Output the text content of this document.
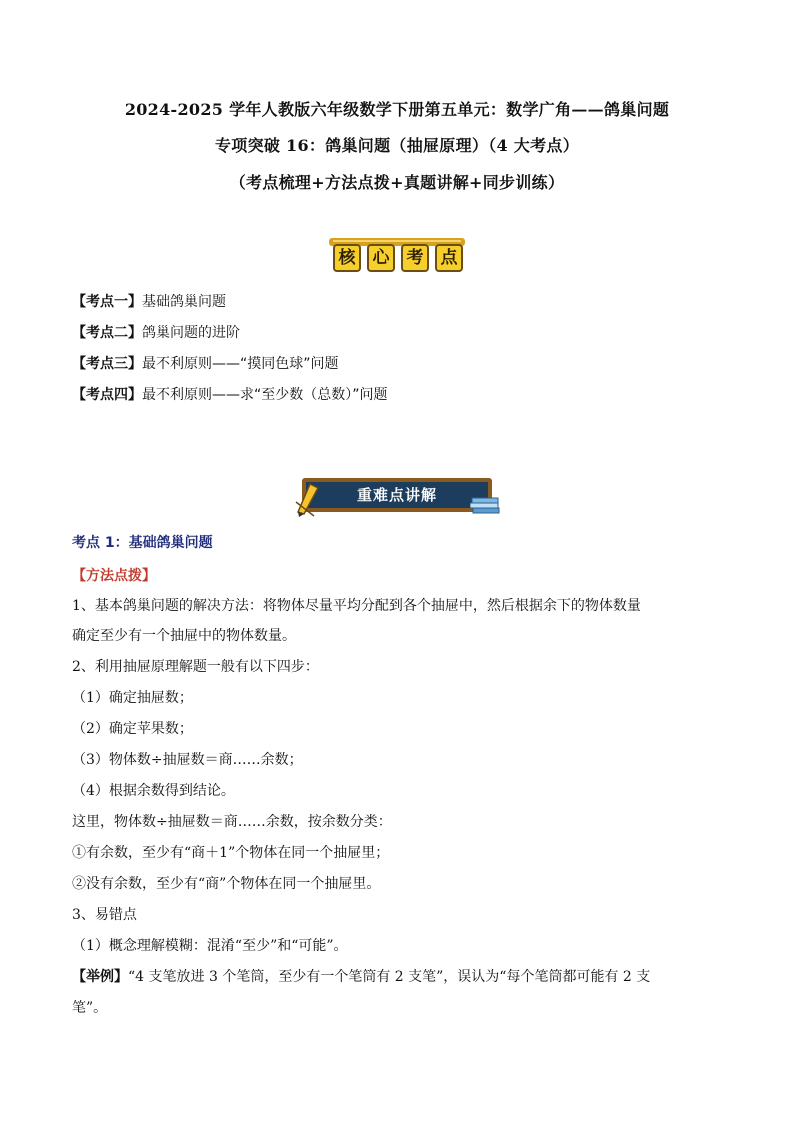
2024-2025 学年人教版六年级数学下册第五单元：数学广角——鸽巢问题
专项突破 16：鸽巢问题（抽屉原理）（4 大考点）
（考点梳理+方法点拨+真题讲解+同步训练）
核	心	考	点
【考点一】基础鸽巢问题
【考点二】鸽巢问题的进阶
【考点三】最不利原则——“摸同色球”问题
【考点四】最不利原则——求“至少数（总数）”问题
重难点讲解
考点 1：基础鸽巢问题
【方法点拨】
1、基本鸽巢问题的解决方法：将物体尽量平均分配到各个抽屉中，然后根据余下的物体数量
确定至少有一个抽屉中的物体数量。
2、利用抽屉原理解题一般有以下四步：
（1）确定抽屉数；
（2）确定苹果数；
（3）物体数÷抽屉数＝商……余数；
（4）根据余数得到结论。
这里，物体数÷抽屉数＝商……余数，按余数分类：
①有余数，至少有“商＋1”个物体在同一个抽屉里；
②没有余数，至少有“商”个物体在同一个抽屉里。
3、易错点
（1）概念理解模糊：混淆“至少”和“可能”。
【举例】“4 支笔放进 3 个笔筒，至少有一个笔筒有 2 支笔”，误认为“每个笔筒都可能有 2 支
笔”。
